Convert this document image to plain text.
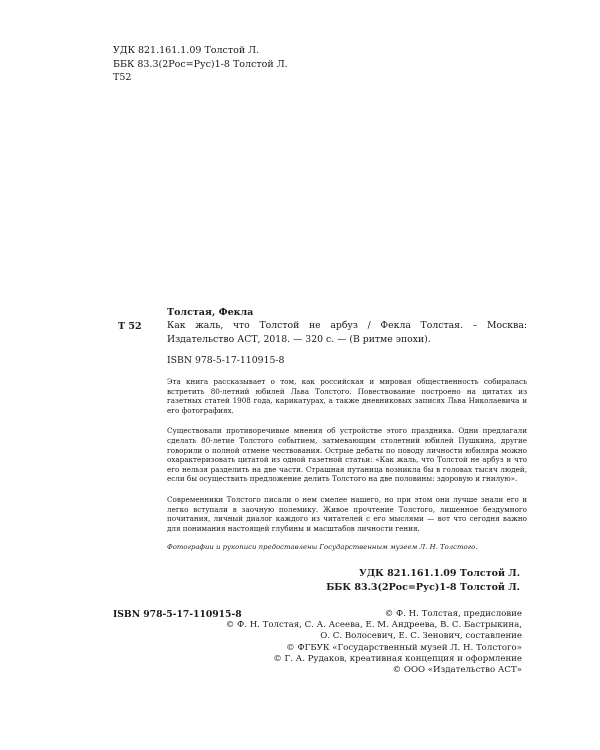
УДК 821.161.1.09 Толстой Л.
ББК 83.3(2Рос=Рус)1-8 Толстой Л.
Т52
Т 52
Толстая, Фекла
Как жаль, что Толстой не арбуз / Фекла Толстая. – Москва: Издательство АСТ, 2018. — 320 с. — (В ритме эпохи).
ISBN 978-5-17-110915-8
Эта книга рассказывает о том, как российская и мировая общественность собиралась встретить 80-летний юбилей Льва Толстого. Повествование построено на цитатах из газетных статей 1908 года, карикатурах, а также дневниковых записях Льва Николаевича и его фотографиях.
Существовали противоречивые мнения об устройстве этого праздника. Одни предлагали сделать 80-летие Толстого событием, затмевающим столетний юбилей Пушкина, другие говорили о полной отмене чествования. Острые дебаты по поводу личности юбиляра можно охарактеризовать цитатой из одной газетной статьи: «Как жаль, что Толстой не арбуз и что его нельзя разделить на две части. Страшная путаница возникла бы в головах тысяч людей, если бы осуществить предложение делить Толстого на две половины: здоровую и гнилую».
Современники Толстого писали о нем смелее нашего, но при этом они лучше знали его и легко вступали в заочную полемику. Живое прочтение Толстого, лишенное бездумного почитания, личный диалог каждого из читателей с его мыслями — вот что сегодня важно для понимания настоящей глубины и масштабов личности гения.
Фотографии и рукописи предоставлены Государственным музеем Л. Н. Толстого.
УДК 821.161.1.09 Толстой Л.
ББК 83.3(2Рос=Рус)1-8 Толстой Л.
ISBN 978-5-17-110915-8	© Ф. Н. Толстая, предисловие
© Ф. Н. Толстая, С. А. Асеева, Е. М. Андреева, В. С. Бастрыкина,
О. С. Волосевич, Е. С. Зенович, составление
© ФГБУК «Государственный музей Л. Н. Толстого»
© Г. А. Рудаков, креативная концепция и оформление
© ООО «Издательство АСТ»
